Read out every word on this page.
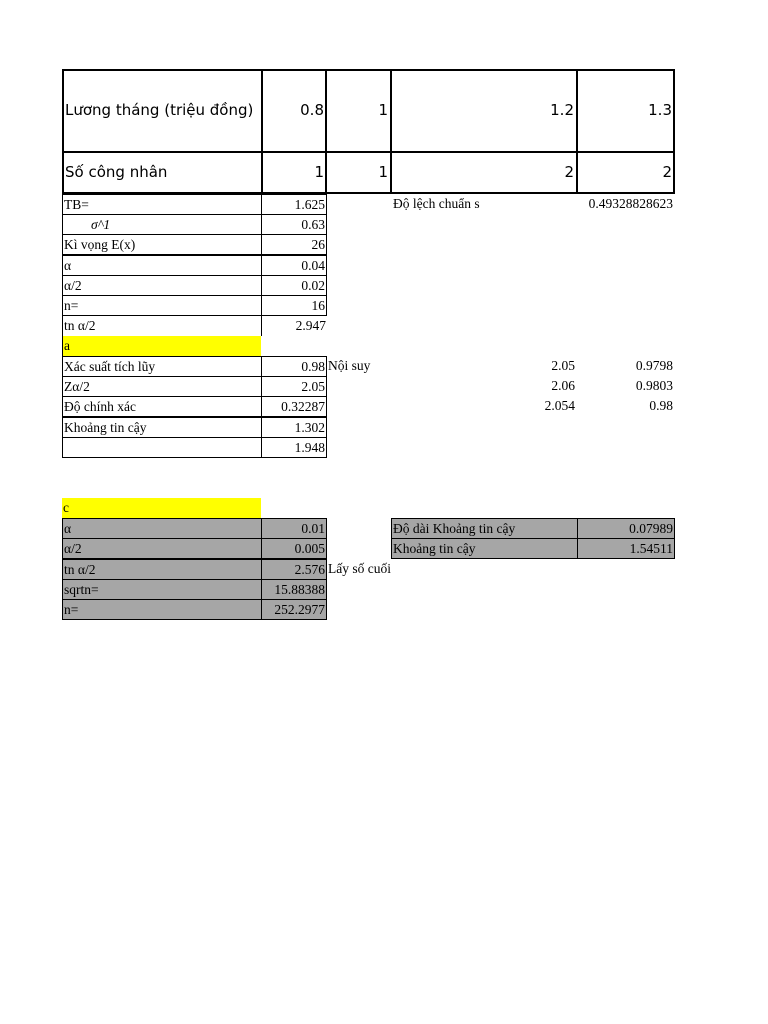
Lương tháng (triệu đồng)	0.8	1	1.2	1.3
Số công nhân	1	1	2	2
TB=	1.625
σ^1	0.63
Kì vọng E(x)	26
α	0.04
α/2	0.02
n=	16
tn α/2	2.947
a
Xác suất tích lũy	0.98
Zα/2	2.05
Độ chính xác	0.32287
Khoảng tin cậy	1.302
1.948
Độ lệch chuẩn s	0.49328828623
Nội suy	2.05	0.9798
2.06	0.9803
2.054	0.98
c
α	0.01
α/2	0.005
tn α/2	2.576
sqrtn=	15.88388
n=	252.2977
Lấy số cuối
Độ dài Khoảng tin cậy	0.07989
Khoảng tin cậy	1.54511
